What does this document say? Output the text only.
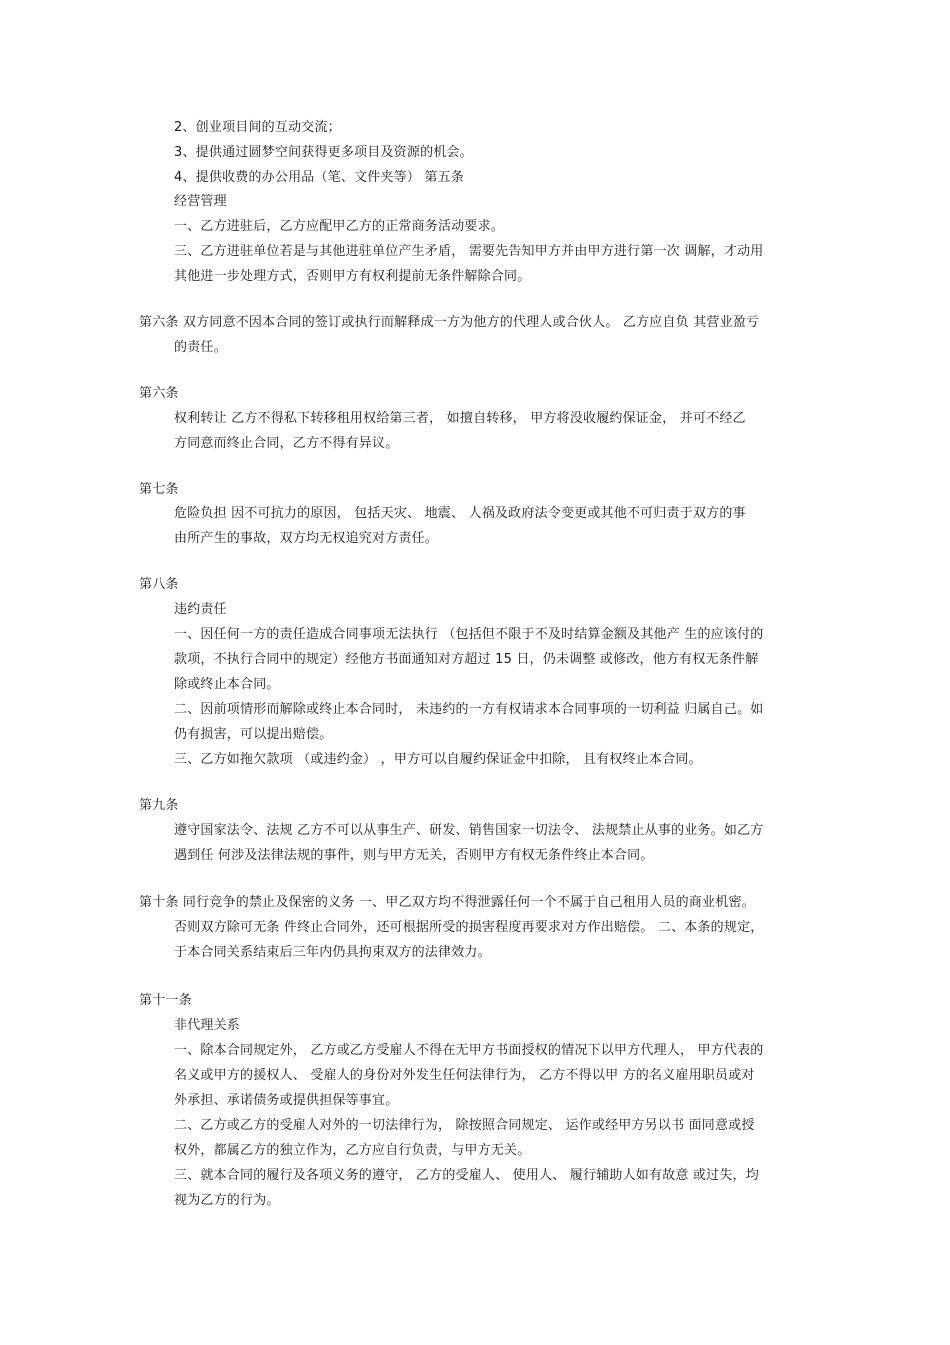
2、创业项目间的互动交流；
3、提供通过圆梦空间获得更多项目及资源的机会。
4、提供收费的办公用品（笔、文件夹等） 第五条
经营管理
一、乙方进驻后，乙方应配甲乙方的正常商务活动要求。
三、乙方进驻单位若是与其他进驻单位产生矛盾， 需要先告知甲方并由甲方进行第一次 调解，才动用
其他进一步处理方式，否则甲方有权利提前无条件解除合同。
第六条 双方同意不因本合同的签订或执行而解释成一方为他方的代理人或合伙人。 乙方应自负 其营业盈亏
的责任。
第六条
权利转让 乙方不得私下转移租用权给第三者， 如擅自转移， 甲方将没收履约保证金， 并可不经乙
方同意而终止合同，乙方不得有异议。
第七条
危险负担 因不可抗力的原因， 包括天灾、 地震、 人祸及政府法令变更或其他不可归责于双方的事
由所产生的事故，双方均无权追究对方责任。
第八条
违约责任
一、因任何一方的责任造成合同事项无法执行 （包括但不限于不及时结算金额及其他产 生的应该付的
款项，不执行合同中的规定）经他方书面通知对方超过 15 日，仍未调整 或修改，他方有权无条件解
除或终止本合同。
二、因前项情形而解除或终止本合同时， 未违约的一方有权请求本合同事项的一切利益 归属自己。如
仍有损害，可以提出赔偿。
三、乙方如拖欠款项 （或违约金） ，甲方可以自履约保证金中扣除， 且有权终止本合同。
第九条
遵守国家法令、法规 乙方不可以从事生产、研发、销售国家一切法令、 法规禁止从事的业务。如乙方
遇到任 何涉及法律法规的事件，则与甲方无关，否则甲方有权无条件终止本合同。
第十条 同行竞争的禁止及保密的义务 一、甲乙双方均不得泄露任何一个不属于自己租用人员的商业机密。
否则双方除可无条 件终止合同外，还可根据所受的损害程度再要求对方作出赔偿。 二、本条的规定，
于本合同关系结束后三年内仍具拘束双方的法律效力。
第十一条
非代理关系
一、除本合同规定外， 乙方或乙方受雇人不得在无甲方书面授权的情况下以甲方代理人， 甲方代表的
名义或甲方的援权人、 受雇人的身份对外发生任何法律行为， 乙方不得以甲 方的名义雇用职员或对
外承担、承诺债务或提供担保等事宜。
二、乙方或乙方的受雇人对外的一切法律行为， 除按照合同规定、 运作或经甲方另以书 面同意或授
权外，都属乙方的独立作为，乙方应自行负责，与甲方无关。
三、就本合同的履行及各项义务的遵守， 乙方的受雇人、 使用人、 履行辅助人如有故意 或过失，均
视为乙方的行为。
